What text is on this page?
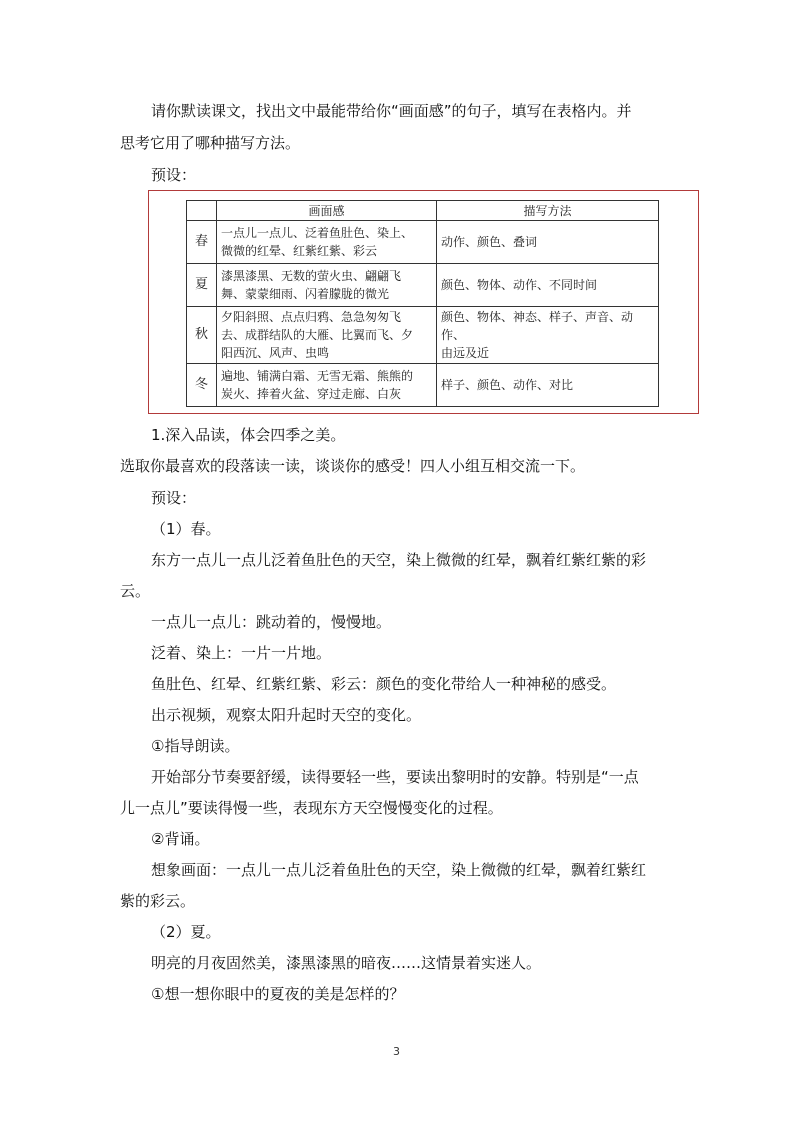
请你默读课文，找出文中最能带给你“画面感”的句子，填写在表格内。并

思考它用了哪种描写方法。

预设：

	画面感	描写方法
春	一点儿一点儿、泛着鱼肚色、染上、
微微的红晕、红紫红紫、彩云	动作、颜色、叠词
夏	漆黑漆黑、无数的萤火虫、翩翩飞
舞、蒙蒙细雨、闪着朦胧的微光	颜色、物体、动作、不同时间
秋	夕阳斜照、点点归鸦、急急匆匆飞
去、成群结队的大雁、比翼而飞、夕
阳西沉、风声、虫鸣	颜色、物体、神态、样子、声音、动作、
由远及近
冬	遍地、铺满白霜、无雪无霜、熊熊的
炭火、捧着火盆、穿过走廊、白灰	样子、颜色、动作、对比

1.深入品读，体会四季之美。

选取你最喜欢的段落读一读，谈谈你的感受！四人小组互相交流一下。

预设：

（1）春。

东方一点儿一点儿泛着鱼肚色的天空，染上微微的红晕，飘着红紫红紫的彩

云。

一点儿一点儿：跳动着的，慢慢地。

泛着、染上：一片一片地。

鱼肚色、红晕、红紫红紫、彩云：颜色的变化带给人一种神秘的感受。

出示视频，观察太阳升起时天空的变化。

①指导朗读。

开始部分节奏要舒缓，读得要轻一些，要读出黎明时的安静。特别是“一点

儿一点儿”要读得慢一些，表现东方天空慢慢变化的过程。

②背诵。

想象画面：一点儿一点儿泛着鱼肚色的天空，染上微微的红晕，飘着红紫红

紫的彩云。

（2）夏。

明亮的月夜固然美，漆黑漆黑的暗夜……这情景着实迷人。

①想一想你眼中的夏夜的美是怎样的？

3
